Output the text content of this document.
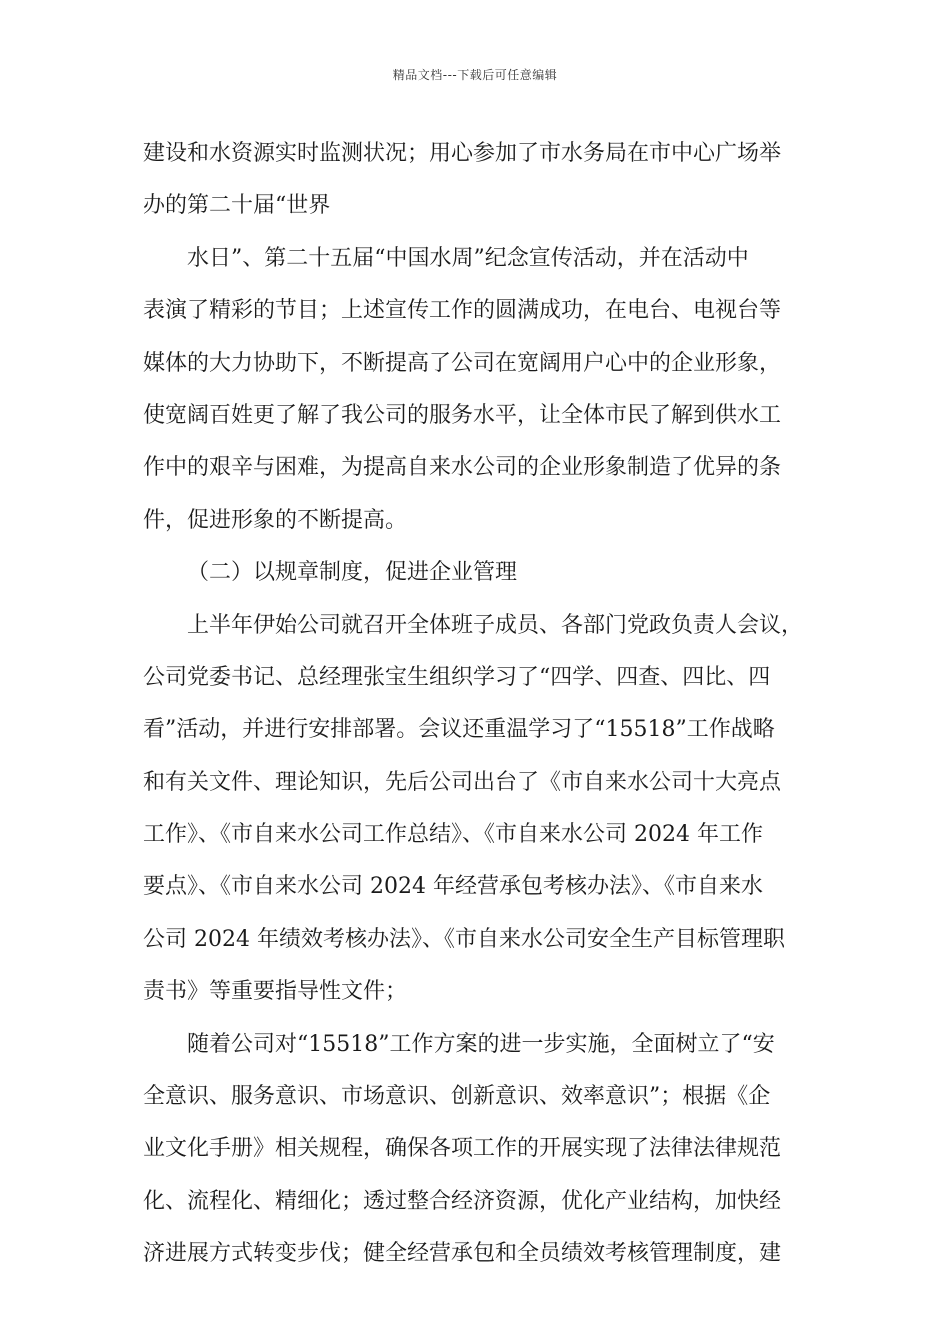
精品文档---下载后可任意编辑
建设和水资源实时监测状况；用心参加了市水务局在市中心广场举
办的第二十届“世界
水日”、第二十五届“中国水周”纪念宣传活动，并在活动中
表演了精彩的节目；上述宣传工作的圆满成功，在电台、电视台等
媒体的大力协助下，不断提高了公司在宽阔用户心中的企业形象，
使宽阔百姓更了解了我公司的服务水平，让全体市民了解到供水工
作中的艰辛与困难，为提高自来水公司的企业形象制造了优异的条
件，促进形象的不断提高。
（二）以规章制度，促进企业管理
上半年伊始公司就召开全体班子成员、各部门党政负责人会议，
公司党委书记、总经理张宝生组织学习了“四学、四查、四比、四
看”活动，并进行安排部署。会议还重温学习了“15518”工作战略
和有关文件、理论知识，先后公司出台了《市自来水公司十大亮点
工作》、《市自来水公司工作总结》、《市自来水公司 2024 年工作
要点》、《市自来水公司 2024 年经营承包考核办法》、《市自来水
公司 2024 年绩效考核办法》、《市自来水公司安全生产目标管理职
责书》等重要指导性文件；
随着公司对“15518”工作方案的进一步实施，全面树立了“安
全意识、服务意识、市场意识、创新意识、效率意识”；根据《企
业文化手册》相关规程，确保各项工作的开展实现了法律法律规范
化、流程化、精细化；透过整合经济资源，优化产业结构，加快经
济进展方式转变步伐；健全经营承包和全员绩效考核管理制度，建
